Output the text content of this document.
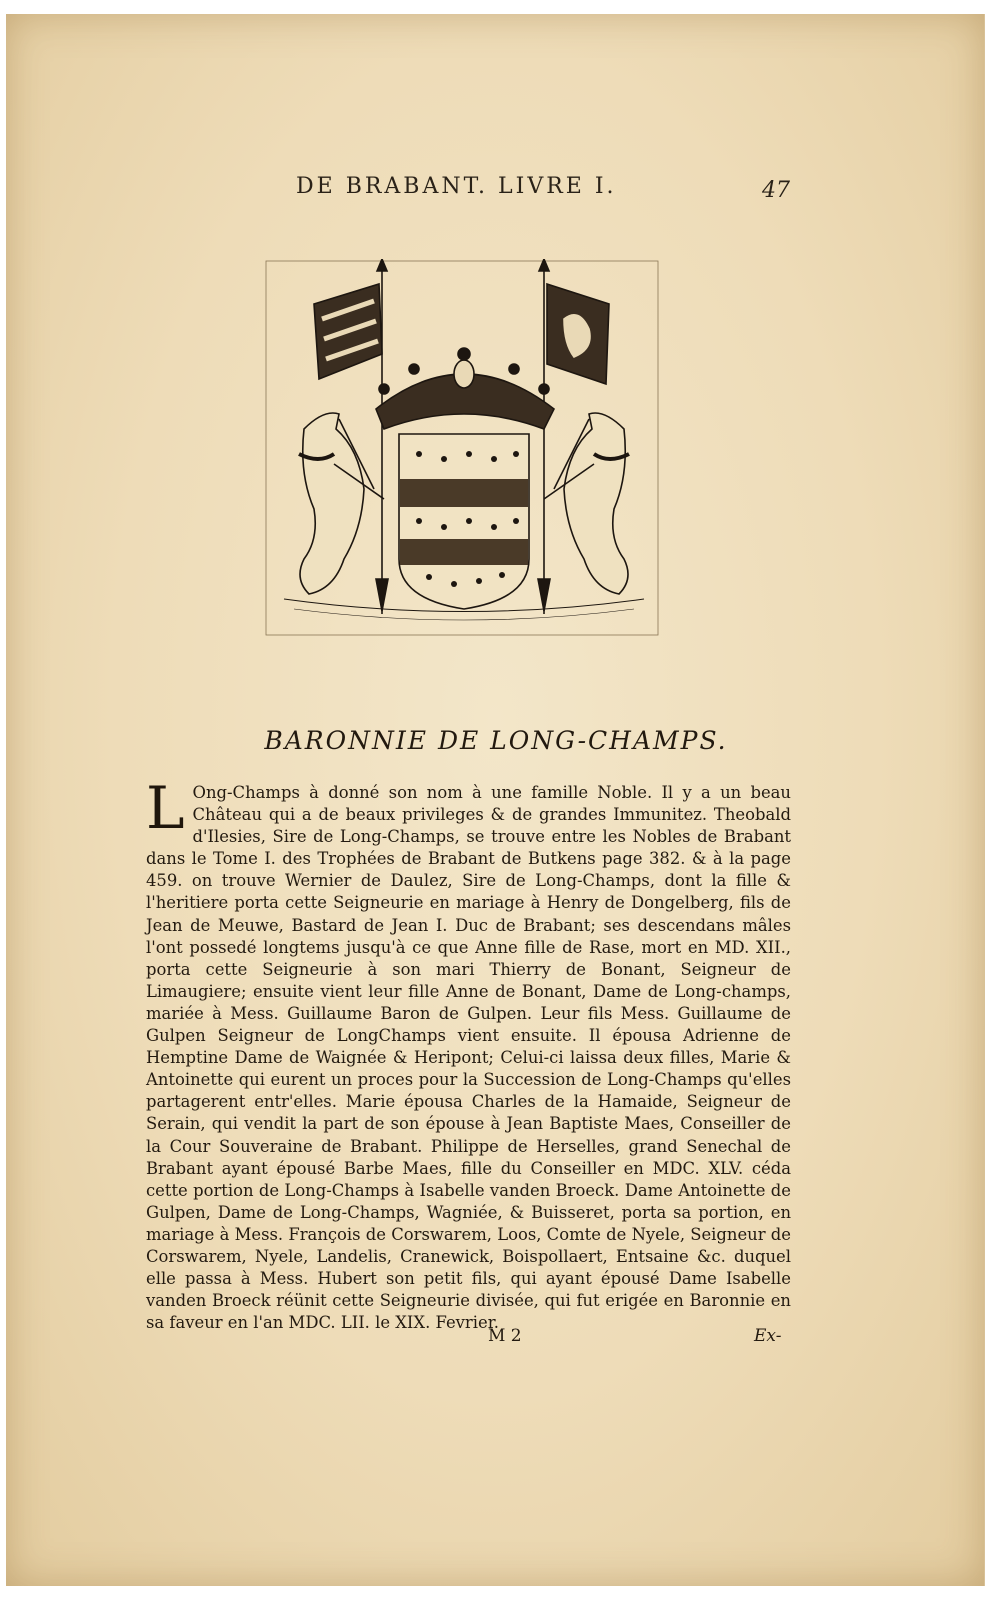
DE BRABANT. LIVRE I.	47
BARONNIE DE LONG-CHAMPS.
L Ong-Champs à donné son nom à une famille Noble. Il y a un beau Château qui a de beaux privileges & de grandes Immunitez. Theobald d'Ilesies, Sire de Long-Champs, se trouve entre les Nobles de Brabant dans le Tome I. des Trophées de Brabant de Butkens page 382. & à la page 459. on trouve Wernier de Daulez, Sire de Long-Champs, dont la fille & l'heritiere porta cette Seigneurie en mariage à Henry de Dongelberg, fils de Jean de Meuwe, Bastard de Jean I. Duc de Brabant; ses descendans mâles l'ont possedé longtems jusqu'à ce que Anne fille de Rase, mort en MD. XII., porta cette Seigneurie à son mari Thierry de Bonant, Seigneur de Limaugiere; ensuite vient leur fille Anne de Bonant, Dame de Long-champs, mariée à Mess. Guillaume Baron de Gulpen. Leur fils Mess. Guillaume de Gulpen Seigneur de LongChamps vient ensuite. Il épousa Adrienne de Hemptine Dame de Waignée & Heripont; Celui-ci laissa deux filles, Marie & Antoinette qui eurent un proces pour la Succession de Long-Champs qu'elles partagerent entr'elles. Marie épousa Charles de la Hamaide, Seigneur de Serain, qui vendit la part de son épouse à Jean Baptiste Maes, Conseiller de la Cour Souveraine de Brabant. Philippe de Herselles, grand Senechal de Brabant ayant épousé Barbe Maes, fille du Conseiller en MDC. XLV. céda cette portion de Long-Champs à Isabelle vanden Broeck. Dame Antoinette de Gulpen, Dame de Long-Champs, Wagniée, & Buisseret, porta sa portion, en mariage à Mess. François de Corswarem, Loos, Comte de Nyele, Seigneur de Corswarem, Nyele, Landelis, Cranewick, Boispollaert, Entsaine &c. duquel elle passa à Mess. Hubert son petit fils, qui ayant épousé Dame Isabelle vanden Broeck réünit cette Seigneurie divisée, qui fut erigée en Baronnie en sa faveur en l'an MDC. LII. le XIX. Fevrier.
M 2	Ex-
